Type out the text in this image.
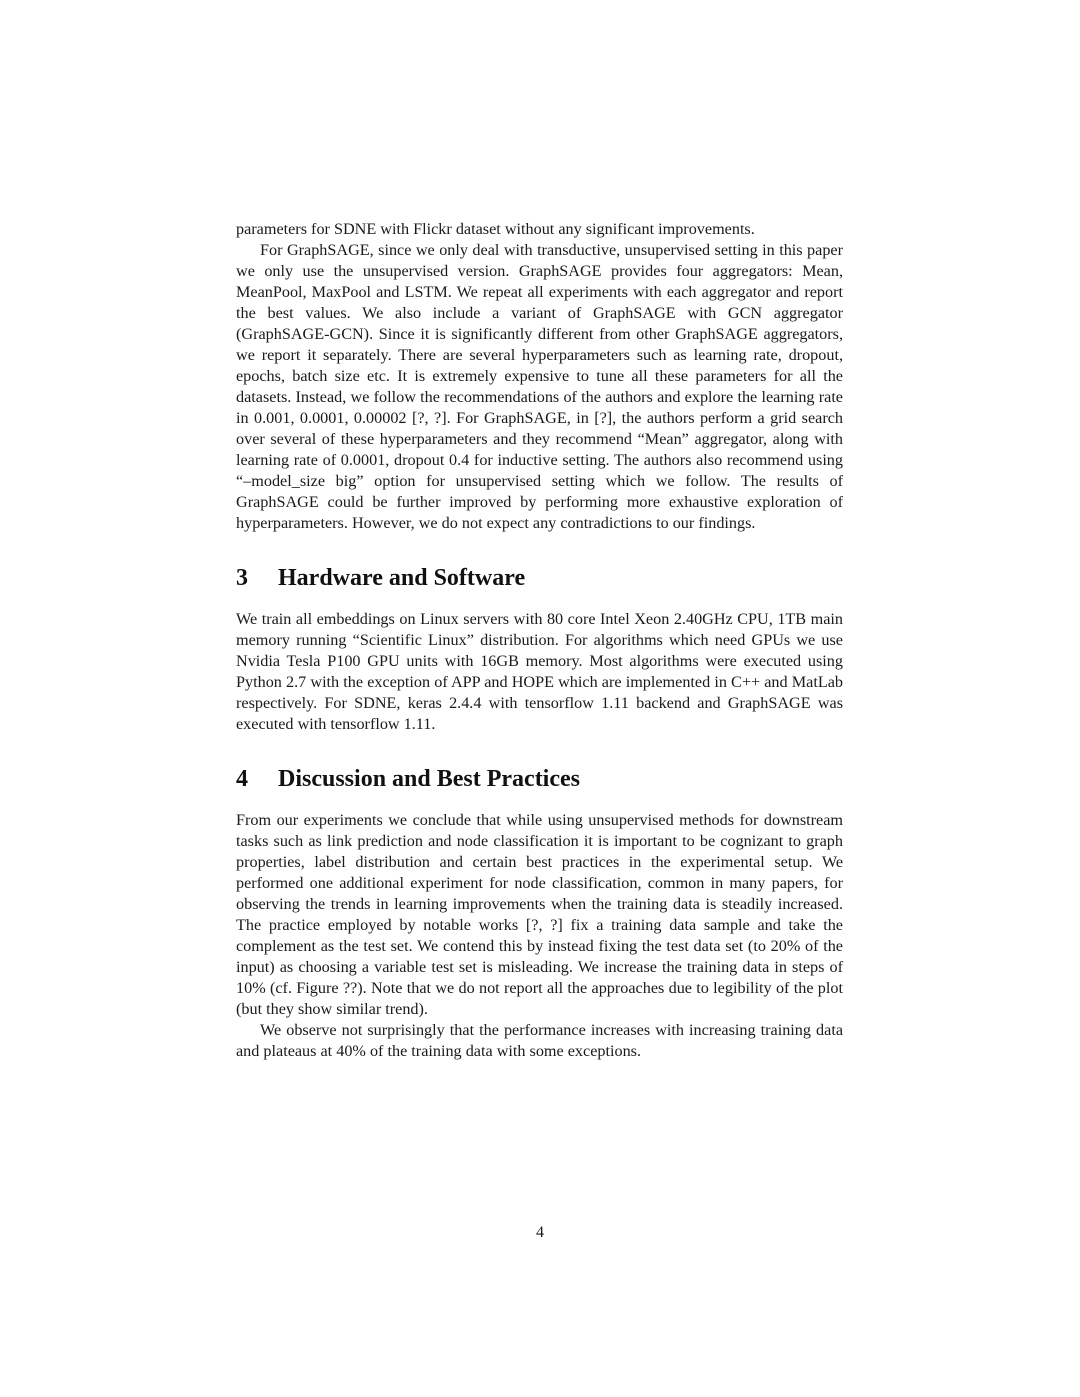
parameters for SDNE with Flickr dataset without any significant improvements.

For GraphSAGE, since we only deal with transductive, unsupervised setting in this paper we only use the unsupervised version. GraphSAGE provides four aggregators: Mean, MeanPool, MaxPool and LSTM. We repeat all experiments with each aggregator and report the best values. We also include a variant of GraphSAGE with GCN aggregator (GraphSAGE-GCN). Since it is significantly different from other GraphSAGE aggregators, we report it separately. There are several hyperparameters such as learning rate, dropout, epochs, batch size etc. It is extremely expensive to tune all these parameters for all the datasets. Instead, we follow the recommendations of the authors and explore the learning rate in 0.001, 0.0001, 0.00002 [?, ?]. For GraphSAGE, in [?], the authors perform a grid search over several of these hyperparameters and they recommend “Mean” aggregator, along with learning rate of 0.0001, dropout 0.4 for inductive setting. The authors also recommend using “–model_size big” option for unsupervised setting which we follow. The results of GraphSAGE could be further improved by performing more exhaustive exploration of hyperparameters. However, we do not expect any contradictions to our findings.

3	Hardware and Software

We train all embeddings on Linux servers with 80 core Intel Xeon 2.40GHz CPU, 1TB main memory running “Scientific Linux” distribution. For algorithms which need GPUs we use Nvidia Tesla P100 GPU units with 16GB memory. Most algorithms were executed using Python 2.7 with the exception of APP and HOPE which are implemented in C++ and MatLab respectively. For SDNE, keras 2.4.4 with tensorflow 1.11 backend and GraphSAGE was executed with tensorflow 1.11.

4	Discussion and Best Practices

From our experiments we conclude that while using unsupervised methods for downstream tasks such as link prediction and node classification it is important to be cognizant to graph properties, label distribution and certain best practices in the experimental setup. We performed one additional experiment for node classification, common in many papers, for observing the trends in learning improvements when the training data is steadily increased. The practice employed by notable works [?, ?] fix a training data sample and take the complement as the test set. We contend this by instead fixing the test data set (to 20% of the input) as choosing a variable test set is misleading. We increase the training data in steps of 10% (cf. Figure ??). Note that we do not report all the approaches due to legibility of the plot (but they show similar trend).

We observe not surprisingly that the performance increases with increasing training data and plateaus at 40% of the training data with some exceptions.

4
